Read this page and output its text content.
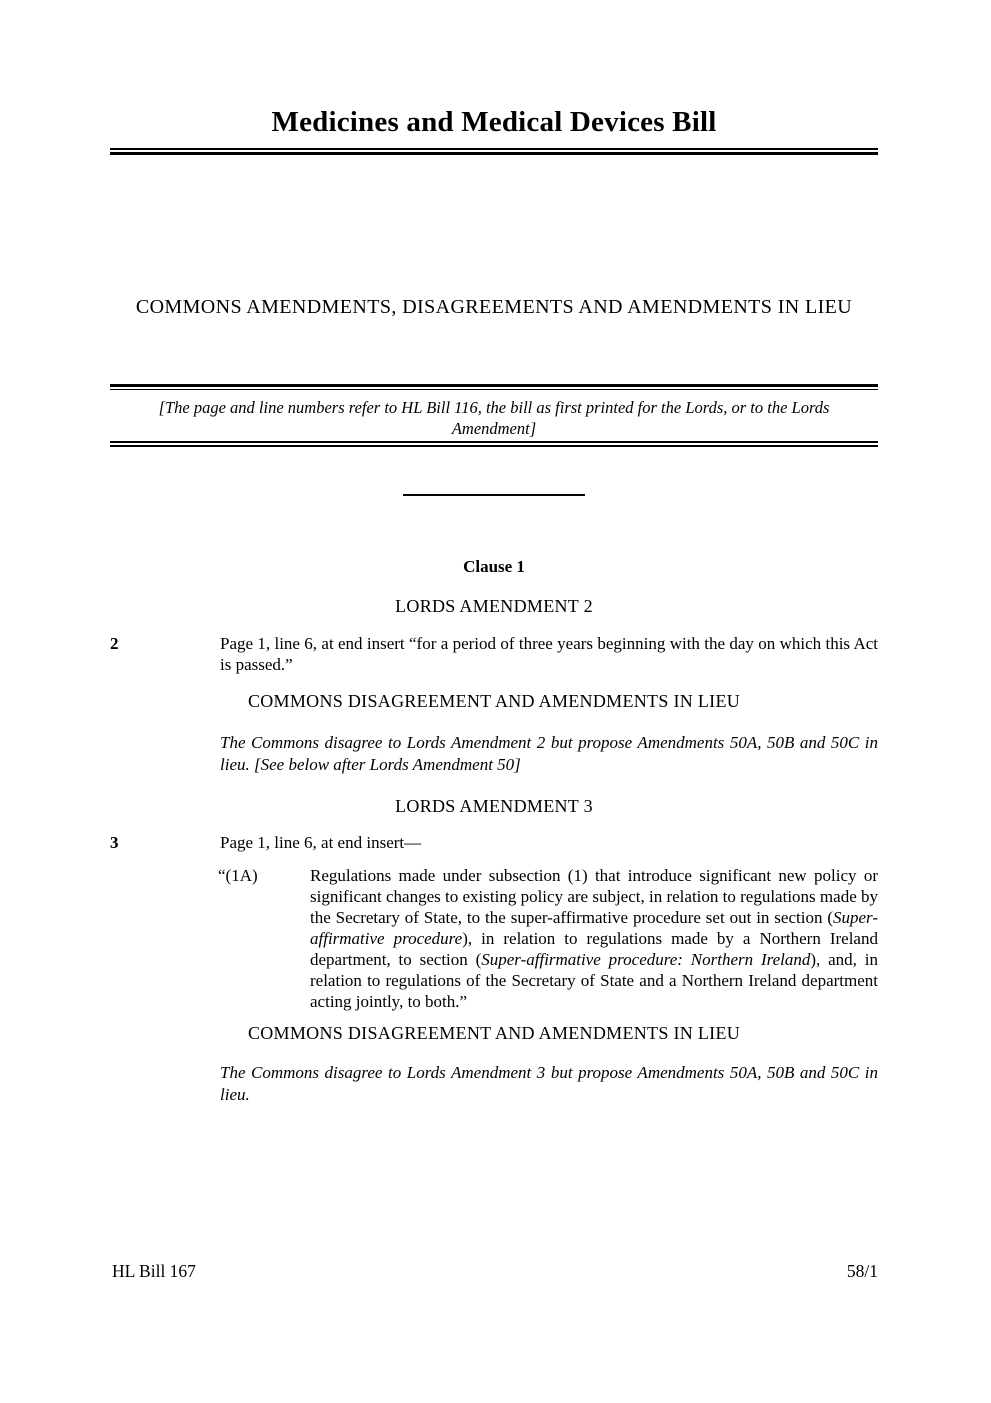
Medicines and Medical Devices Bill
COMMONS AMENDMENTS, DISAGREEMENTS AND AMENDMENTS IN LIEU
[The page and line numbers refer to HL Bill 116, the bill as first printed for the Lords, or to the Lords
Amendment]
Clause 1
LORDS AMENDMENT 2
2	Page 1, line 6, at end insert “for a period of three years beginning with the day on which this Act is passed.”
COMMONS DISAGREEMENT AND AMENDMENTS IN LIEU
The Commons disagree to Lords Amendment 2 but propose Amendments 50A, 50B and 50C in lieu. [See below after Lords Amendment 50]
LORDS AMENDMENT 3
3	Page 1, line 6, at end insert—
“(1A)	Regulations made under subsection (1) that introduce significant new policy or significant changes to existing policy are subject, in relation to regulations made by the Secretary of State, to the super-affirmative procedure set out in section (Super-affirmative procedure), in relation to regulations made by a Northern Ireland department, to section (Super-affirmative procedure: Northern Ireland), and, in relation to regulations of the Secretary of State and a Northern Ireland department acting jointly, to both.”
COMMONS DISAGREEMENT AND AMENDMENTS IN LIEU
The Commons disagree to Lords Amendment 3 but propose Amendments 50A, 50B and 50C in lieu.
HL Bill 167	58/1
